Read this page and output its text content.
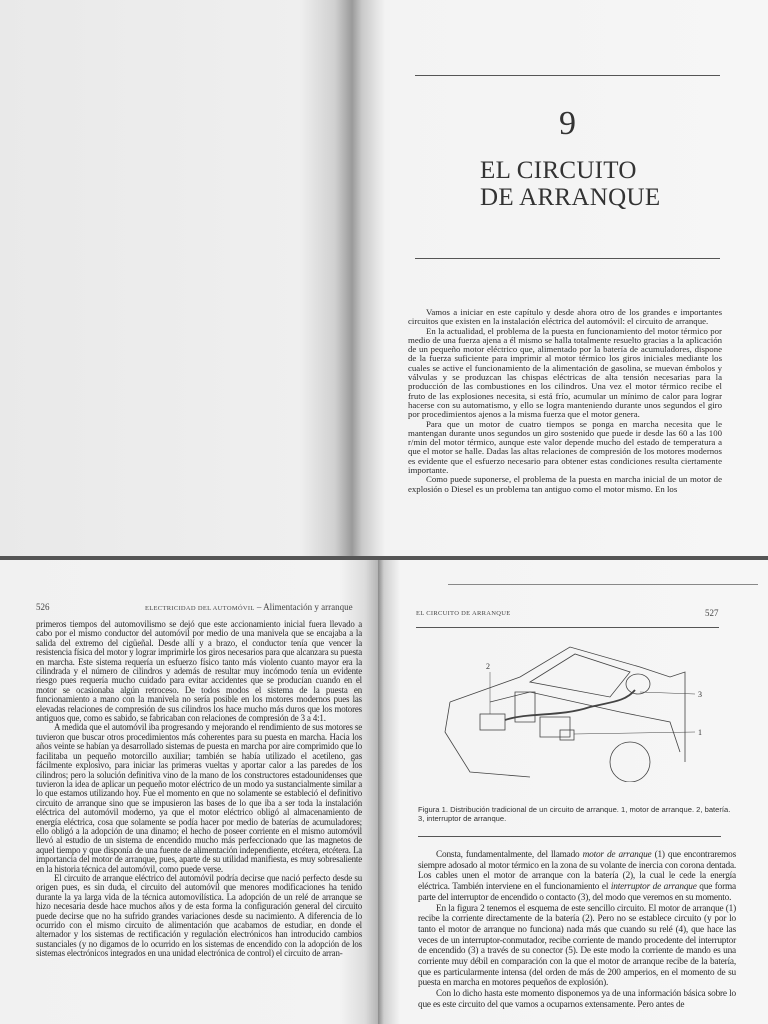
9
EL CIRCUITO
DE ARRANQUE

Vamos a iniciar en este capítulo y desde ahora otro de los grandes e importantes circuitos que existen en la instalación eléctrica del automóvil: el circuito de arranque.

En la actualidad, el problema de la puesta en funcionamiento del motor térmico por medio de una fuerza ajena a él mismo se halla totalmente resuelto gracias a la aplicación de un pequeño motor eléctrico que, alimentado por la batería de acumuladores, dispone de la fuerza suficiente para imprimir al motor térmico los giros iniciales mediante los cuales se active el funcionamiento de la alimentación de gasolina, se muevan émbolos y válvulas y se produzcan las chispas eléctricas de alta tensión necesarias para la producción de las combustiones en los cilindros. Una vez el motor térmico recibe el fruto de las explosiones necesita, si está frío, acumular un mínimo de calor para lograr hacerse con su automatismo, y ello se logra manteniendo durante unos segundos el giro por procedimientos ajenos a la misma fuerza que el motor genera.

Para que un motor de cuatro tiempos se ponga en marcha necesita que le mantengan durante unos segundos un giro sostenido que puede ir desde las 60 a las 100 r/min del motor térmico, aunque este valor depende mucho del estado de temperatura a que el motor se halle. Dadas las altas relaciones de compresión de los motores modernos es evidente que el esfuerzo necesario para obtener estas condiciones resulta ciertamente importante.

Como puede suponerse, el problema de la puesta en marcha inicial de un motor de explosión o Diesel es un problema tan antiguo como el motor mismo. En los

526	ELECTRICIDAD DEL AUTOMÓVIL – Alimentación y arranque

primeros tiempos del automovilismo se dejó que este accionamiento inicial fuera llevado a cabo por el mismo conductor del automóvil por medio de una manivela que se encajaba a la salida del extremo del cigüeñal. Desde allí y a brazo, el conductor tenía que vencer la resistencia física del motor y lograr imprimirle los giros necesarios para que alcanzara su puesta en marcha. Este sistema requería un esfuerzo físico tanto más violento cuanto mayor era la cilindrada y el número de cilindros y además de resultar muy incómodo tenía un evidente riesgo pues requería mucho cuidado para evitar accidentes que se producían cuando en el motor se ocasionaba algún retroceso. De todos modos el sistema de la puesta en funcionamiento a mano con la manivela no sería posible en los motores modernos pues las elevadas relaciones de compresión de sus cilindros los hace mucho más duros que los motores antiguos que, como es sabido, se fabricaban con relaciones de compresión de 3 a 4:1.

A medida que el automóvil iba progresando y mejorando el rendimiento de sus motores se tuvieron que buscar otros procedimientos más coherentes para su puesta en marcha. Hacia los años veinte se habían ya desarrollado sistemas de puesta en marcha por aire comprimido que lo facilitaba un pequeño motorcillo auxiliar; también se había utilizado el acetileno, gas fácilmente explosivo, para iniciar las primeras vueltas y aportar calor a las paredes de los cilindros; pero la solución definitiva vino de la mano de los constructores estadounidenses que tuvieron la idea de aplicar un pequeño motor eléctrico de un modo ya sustancialmente similar a lo que estamos utilizando hoy. Fue el momento en que no solamente se estableció el definitivo circuito de arranque sino que se impusieron las bases de lo que iba a ser toda la instalación eléctrica del automóvil moderno, ya que el motor eléctrico obligó al almacenamiento de energía eléctrica, cosa que solamente se podía hacer por medio de baterías de acumuladores; ello obligó a la adopción de una dinamo; el hecho de poseer corriente en el mismo automóvil llevó al estudio de un sistema de encendido mucho más perfeccionado que las magnetos de aquel tiempo y que disponía de una fuente de alimentación independiente, etcétera, etcétera. La importancia del motor de arranque, pues, aparte de su utilidad manifiesta, es muy sobresaliente en la historia técnica del automóvil, como puede verse.

El circuito de arranque eléctrico del automóvil podría decirse que nació perfecto desde su origen pues, es sin duda, el circuito del automóvil que menores modificaciones ha tenido durante la ya larga vida de la técnica automovilística. La adopción de un relé de arranque se hizo necesaria desde hace muchos años y de esta forma la configuración general del circuito puede decirse que no ha sufrido grandes variaciones desde su nacimiento. A diferencia de lo ocurrido con el mismo circuito de alimentación que acabamos de estudiar, en donde el alternador y los sistemas de rectificación y regulación electrónicos han introducido cambios sustanciales (y no digamos de lo ocurrido en los sistemas de encendido con la adopción de los sistemas electrónicos integrados en una unidad electrónica de control) el circuito de arran-

EL CIRCUITO DE ARRANQUE	527

Consta, fundamentalmente, del llamado motor de arranque (1) que encontraremos siempre adosado al motor térmico en la zona de su volante de inercia con corona dentada. Los cables unen el motor de arranque con la batería (2), la cual le cede la energía eléctrica. También interviene en el funcionamiento el interruptor de arranque que forma parte del interruptor de encendido o contacto (3), del modo que veremos en su momento.

En la figura 2 tenemos el esquema de este sencillo circuito. El motor de arranque (1) recibe la corriente directamente de la batería (2). Pero no se establece circuito (y por lo tanto el motor de arranque no funciona) nada más que cuando su relé (4), que hace las veces de un interruptor-conmutador, recibe corriente de mando procedente del interruptor de encendido (3) a través de su conector (5). De este modo la corriente de mando es una corriente muy débil en comparación con la que el motor de arranque recibe de la batería, que es particularmente intensa (del orden de más de 200 amperios, en el momento de su puesta en marcha en motores pequeños de explosión).

Con lo dicho hasta este momento disponemos ya de una información básica sobre lo que es este circuito del que vamos a ocuparnos extensamente. Pero antes de

2
3
1
Figura 1. Distribución tradicional de un circuito de arranque. 1, motor de arranque. 2, batería. 3, interruptor de arranque.
